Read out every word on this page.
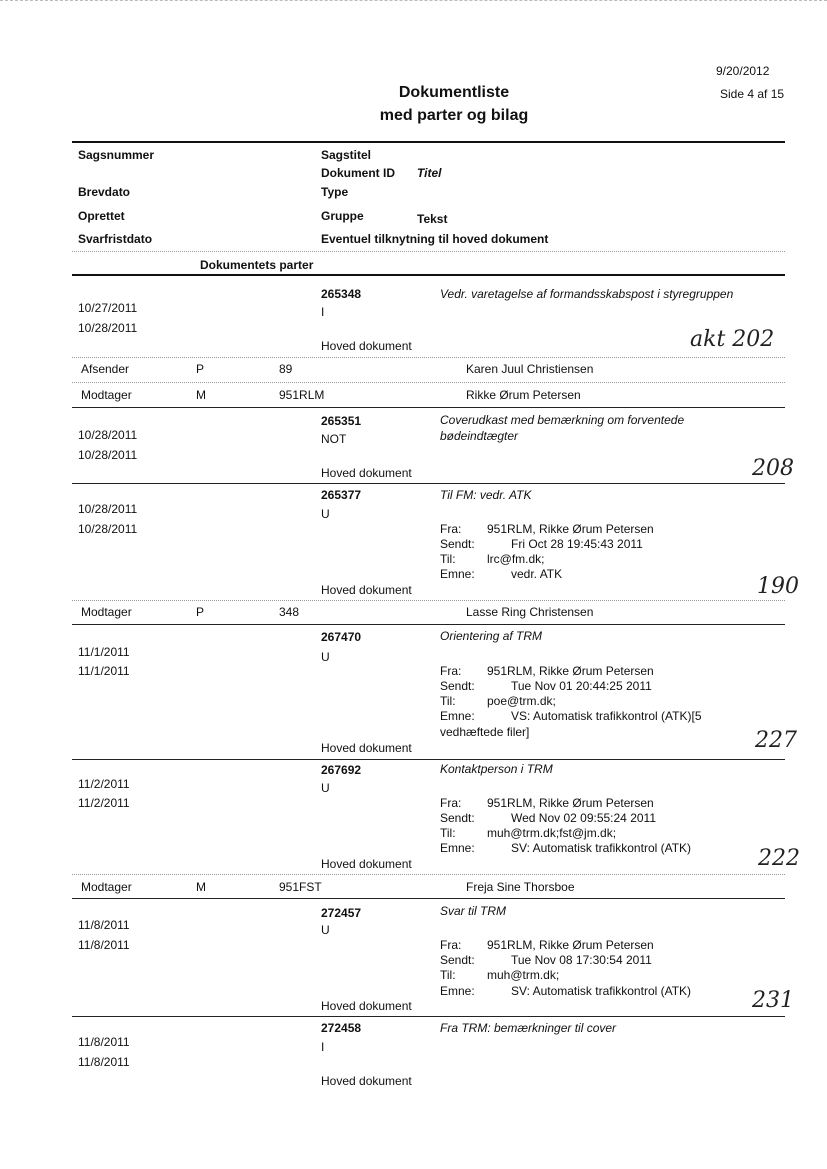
9/20/2012
Side 4 af 15
Dokumentliste
med parter og bilag
Sagsnummer	Sagstitel
Dokument ID Titel
Brevdato	Type
Oprettet	Gruppe	Tekst
Svarfristdato	Eventuel tilknytning til hoved dokument
Dokumentets parter
265348	Vedr. varetagelse af formandsskabspost i styregruppen
10/27/2011	I
10/28/2011
Hoved dokument	akt 202
Afsender	P	89	Karen Juul Christiensen
Modtager	M	951RLM	Rikke Ørum Petersen
265351	Coverudkast med bemærkning om forventede
bødeindtægter
10/28/2011	NOT
10/28/2011
Hoved dokument	208
265377	Til FM: vedr. ATK
10/28/2011	U
10/28/2011	Fra: 951RLM, Rikke Ørum Petersen
Sendt:	Fri Oct 28 19:45:43 2011
Til:	lrc@fm.dk;
Emne:	vedr. ATK
Hoved dokument	190
Modtager	P	348	Lasse Ring Christensen
267470	Orientering af TRM
11/1/2011	U
11/1/2011	Fra: 951RLM, Rikke Ørum Petersen
Sendt:	Tue Nov 01 20:44:25 2011
Til:	poe@trm.dk;
Emne:	VS: Automatisk trafikkontrol (ATK)[5
vedhæftede filer]
Hoved dokument	227
267692	Kontaktperson i TRM
11/2/2011	U
11/2/2011	Fra: 951RLM, Rikke Ørum Petersen
Sendt:	Wed Nov 02 09:55:24 2011
Til:	muh@trm.dk;fst@jm.dk;
Emne:	SV: Automatisk trafikkontrol (ATK)
Hoved dokument	222
Modtager	M	951FST	Freja Sine Thorsboe
272457	Svar til TRM
11/8/2011	U
11/8/2011	Fra: 951RLM, Rikke Ørum Petersen
Sendt:	Tue Nov 08 17:30:54 2011
Til:	muh@trm.dk;
Emne:	SV: Automatisk trafikkontrol (ATK)
Hoved dokument	231
272458	Fra TRM: bemærkninger til cover
11/8/2011	I
11/8/2011
Hoved dokument
